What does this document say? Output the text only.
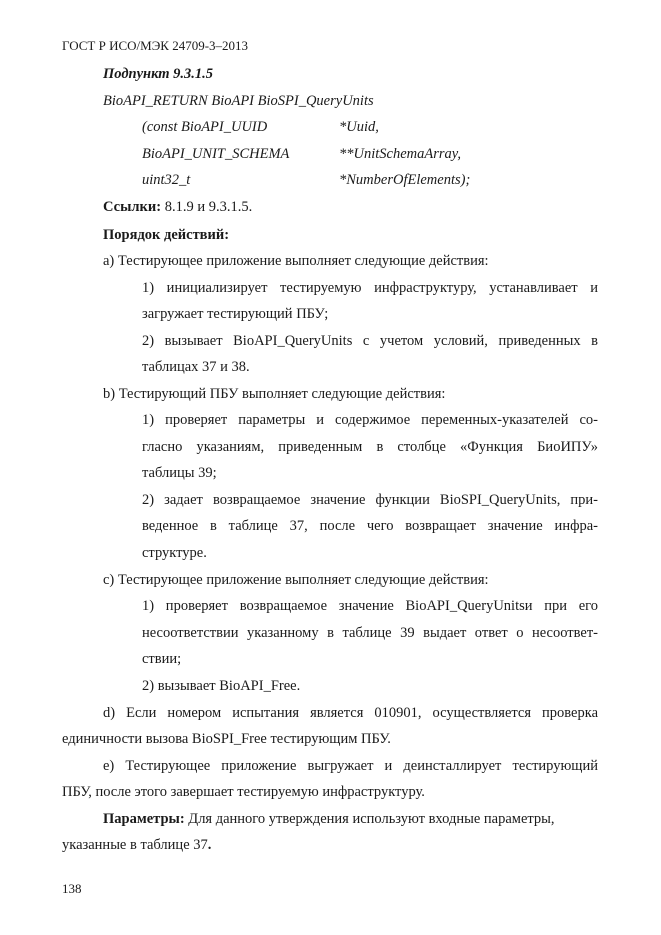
ГОСТ Р ИСО/МЭК 24709-3–2013
Подпункт 9.3.1.5
BioAPI_RETURN BioAPI BioSPI_QueryUnits
(const BioAPI_UUID	*Uuid,
BioAPI_UNIT_SCHEMA	**UnitSchemaArray,
uint32_t	*NumberOfElements);
Ссылки: 8.1.9 и 9.3.1.5.
Порядок действий:
a) Тестирующее приложение выполняет следующие действия:
1) инициализирует тестируемую инфраструктуру, устанавливает и
загружает тестирующий ПБУ;
2) вызывает BioAPI_QueryUnits с учетом условий, приведенных в
таблицах 37 и 38.
b) Тестирующий ПБУ выполняет следующие действия:
1) проверяет параметры и содержимое переменных-указателей со-
гласно указаниям, приведенным в столбце «Функция БиоИПУ»
таблицы 39;
2) задает возвращаемое значение функции BioSPI_QueryUnits, при-
веденное в таблице 37, после чего возвращает значение инфра-
структуре.
c) Тестирующее приложение выполняет следующие действия:
1) проверяет возвращаемое значение BioAPI_QueryUnitsи при его
несоответствии указанному в таблице 39 выдает ответ о несоответ-
ствии;
2) вызывает BioAPI_Free.
d) Если номером испытания является 010901, осуществляется проверка
единичности вызова BioSPI_Free тестирующим ПБУ.
e) Тестирующее приложение выгружает и деинсталлирует тестирующий
ПБУ, после этого завершает тестируемую инфраструктуру.
Параметры: Для данного утверждения используют входные параметры,
указанные в таблице 37.
138
